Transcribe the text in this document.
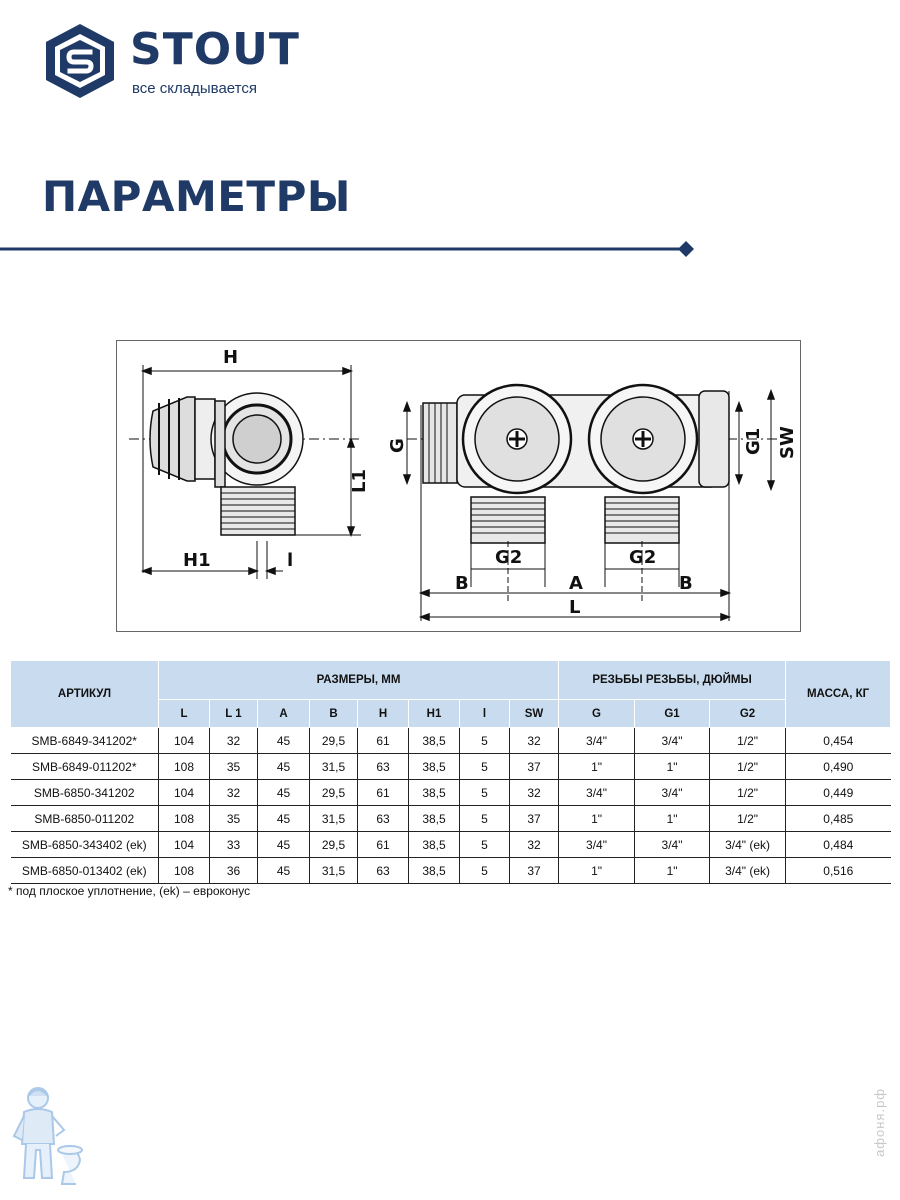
STOUT
все складывается
ПАРАМЕТРЫ
H
H1	l
L1
G	G1 SW
G2	G2
B	A	B
L
АРТИКУЛ	РАЗМЕРЫ, ММ								РЕЗЬБЫ РЕЗЬБЫ, ДЮЙМЫ			МАССА, КГ
	L	L 1	A	B	H	H1	l	SW	G	G1	G2	
SMB-6849-341202*	104	32	45	29,5	61	38,5	5	32	3/4"	3/4"	1/2"	0,454
SMB-6849-011202*	108	35	45	31,5	63	38,5	5	37	1"	1"	1/2"	0,490
SMB-6850-341202	104	32	45	29,5	61	38,5	5	32	3/4"	3/4"	1/2"	0,449
SMB-6850-011202	108	35	45	31,5	63	38,5	5	37	1"	1"	1/2"	0,485
SMB-6850-343402 (ek)	104	33	45	29,5	61	38,5	5	32	3/4"	3/4"	3/4" (ek)	0,484
SMB-6850-013402 (ek)	108	36	45	31,5	63	38,5	5	37	1"	1"	3/4" (ek)	0,516
* под плоское уплотнение, (ek) – евроконус
афоня.рф
